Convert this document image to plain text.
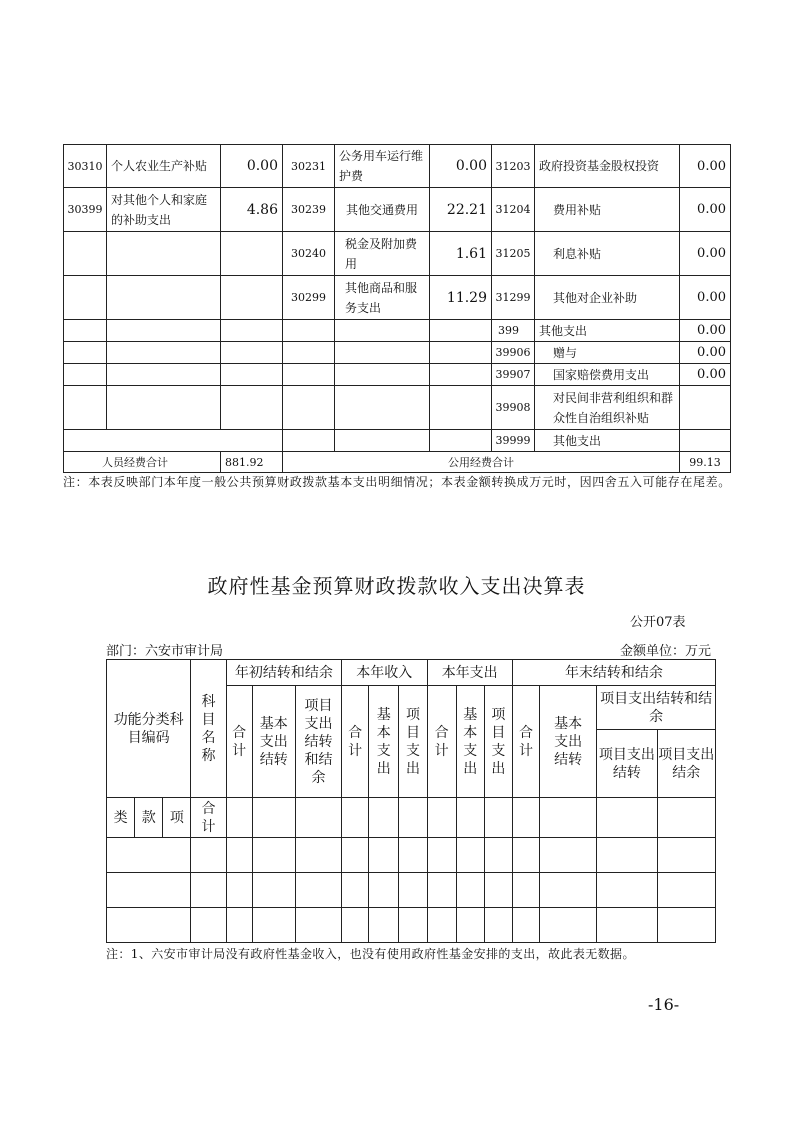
30310	个人农业生产补贴	0.00	30231	公务用车运行维护费	0.00	31203	政府投资基金股权投资	0.00
30399	对其他个人和家庭的补助支出	4.86	30239	其他交通费用	22.21	31204	费用补贴	0.00
			30240	税金及附加费用	1.61	31205	利息补贴	0.00
			30299	其他商品和服务支出	11.29	31299	其他对企业补助	0.00
						399	其他支出	0.00
						39906	赠与	0.00
						39907	国家赔偿费用支出	0.00
						39908	对民间非营利组织和群众性自治组织补贴	
						39999	其他支出	
人员经费合计		881.92	公用经费合计					99.13
注：本表反映部门本年度一般公共预算财政拨款基本支出明细情况；本表金额转换成万元时，因四舍五入可能存在尾差。
政府性基金预算财政拨款收入支出决算表
公开07表
部门：六安市审计局	金额单位：万元
功能分类科目编码			科目名称	年初结转和结余			本年收入			本年支出			年末结转和结余			

				合计	基本支出结转	项目支出结转和结余	合计	基本支出	项目支出	合计	基本支出	项目支出	合计	基本支出结转	项目支出结转和结余	
															项目支出结转	项目支出结余
类	款	项	合计													

注：1、六安市审计局没有政府性基金收入，也没有使用政府性基金安排的支出，故此表无数据。
-16-
